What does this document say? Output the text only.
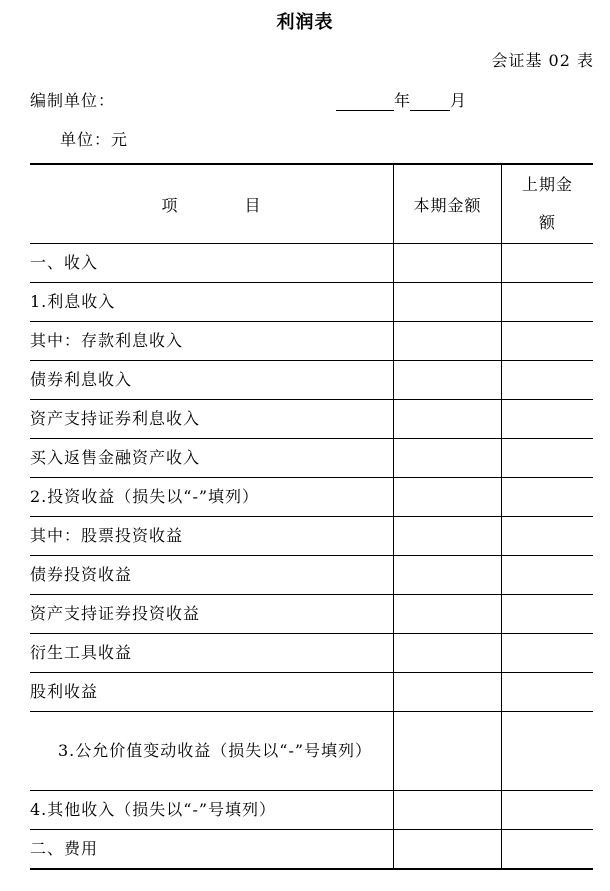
利润表
会证基 02 表
编制单位：	年	月
单位：元
项 目	本期金额	上期金
额

一、收入		
1.利息收入		
其中：存款利息收入		
债券利息收入		
资产支持证券利息收入		
买入返售金融资产收入		
2.投资收益（损失以“-”填列）		
其中：股票投资收益		
债券投资收益		
资产支持证券投资收益		
衍生工具收益		
股利收益		
3.公允价值变动收益（损失以“-”号填列）		
4.其他收入（损失以“-”号填列）		
二、费用		
